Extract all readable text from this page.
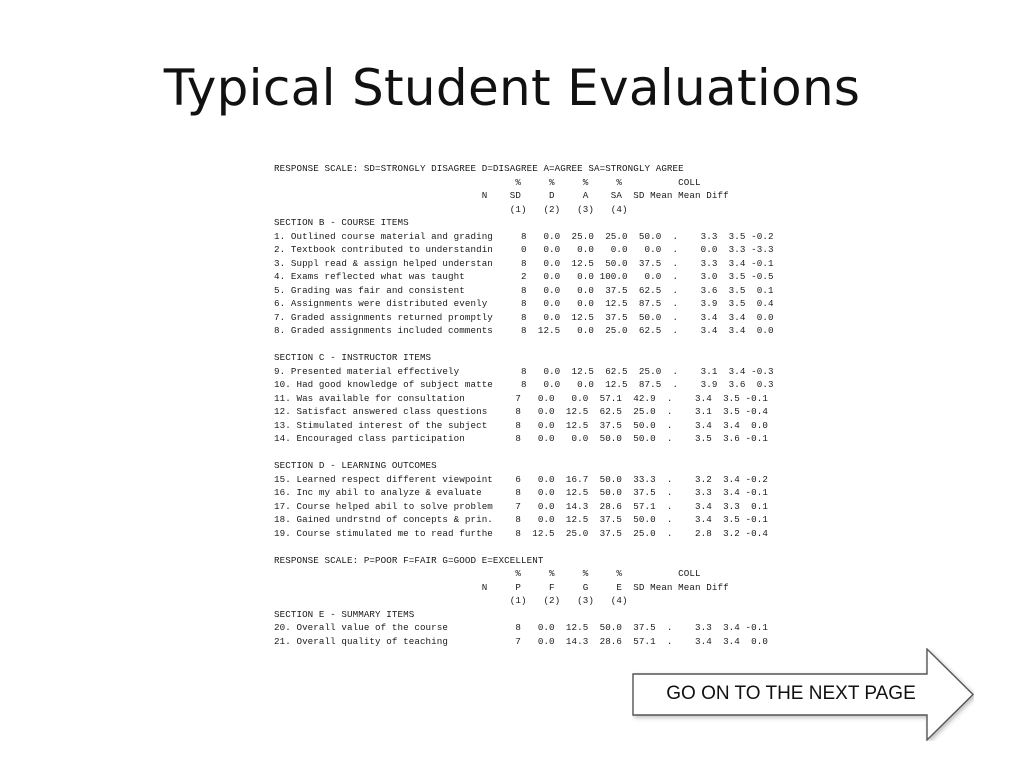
Typical Student Evaluations
RESPONSE SCALE: SD=STRONGLY DISAGREE D=DISAGREE A=AGREE SA=STRONGLY AGREE
%     %     %     %          COLL
N    SD     D     A    SA  SD Mean Mean Diff
(1)   (2)   (3)   (4)
SECTION B - COURSE ITEMS
1. Outlined course material and grading     8   0.0  25.0  25.0  50.0  .    3.3  3.5 -0.2
2. Textbook contributed to understandin     0   0.0   0.0   0.0   0.0  .    0.0  3.3 -3.3
3. Suppl read & assign helped understan     8   0.0  12.5  50.0  37.5  .    3.3  3.4 -0.1
4. Exams reflected what was taught          2   0.0   0.0 100.0   0.0  .    3.0  3.5 -0.5
5. Grading was fair and consistent          8   0.0   0.0  37.5  62.5  .    3.6  3.5  0.1
6. Assignments were distributed evenly      8   0.0   0.0  12.5  87.5  .    3.9  3.5  0.4
7. Graded assignments returned promptly     8   0.0  12.5  37.5  50.0  .    3.4  3.4  0.0
8. Graded assignments included comments     8  12.5   0.0  25.0  62.5  .    3.4  3.4  0.0
SECTION C - INSTRUCTOR ITEMS
9. Presented material effectively           8   0.0  12.5  62.5  25.0  .    3.1  3.4 -0.3
10. Had good knowledge of subject matte     8   0.0   0.0  12.5  87.5  .    3.9  3.6  0.3
11. Was available for consultation         7   0.0   0.0  57.1  42.9  .    3.4  3.5 -0.1
12. Satisfact answered class questions     8   0.0  12.5  62.5  25.0  .    3.1  3.5 -0.4
13. Stimulated interest of the subject     8   0.0  12.5  37.5  50.0  .    3.4  3.4  0.0
14. Encouraged class participation         8   0.0   0.0  50.0  50.0  .    3.5  3.6 -0.1
SECTION D - LEARNING OUTCOMES
15. Learned respect different viewpoint    6   0.0  16.7  50.0  33.3  .    3.2  3.4 -0.2
16. Inc my abil to analyze & evaluate      8   0.0  12.5  50.0  37.5  .    3.3  3.4 -0.1
17. Course helped abil to solve problem    7   0.0  14.3  28.6  57.1  .    3.4  3.3  0.1
18. Gained undrstnd of concepts & prin.    8   0.0  12.5  37.5  50.0  .    3.4  3.5 -0.1
19. Course stimulated me to read furthe    8  12.5  25.0  37.5  25.0  .    2.8  3.2 -0.4
RESPONSE SCALE: P=POOR F=FAIR G=GOOD E=EXCELLENT
%     %     %     %          COLL
N     P     F     G     E  SD Mean Mean Diff
(1)   (2)   (3)   (4)
SECTION E - SUMMARY ITEMS
20. Overall value of the course            8   0.0  12.5  50.0  37.5  .    3.3  3.4 -0.1
21. Overall quality of teaching            7   0.0  14.3  28.6  57.1  .    3.4  3.4  0.0
GO ON TO THE NEXT PAGE
